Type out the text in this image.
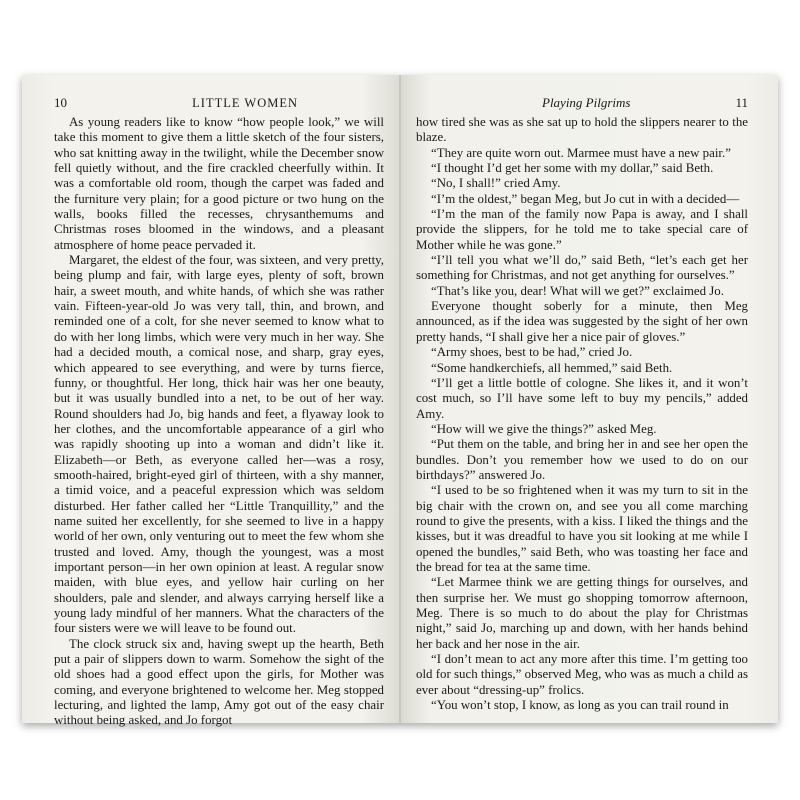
10	LITTLE WOMEN

As young readers like to know “how people look,” we will take this moment to give them a little sketch of the four sisters, who sat knitting away in the twilight, while the December snow fell quietly without, and the fire crackled cheerfully within. It was a comfortable old room, though the carpet was faded and the furniture very plain; for a good picture or two hung on the walls, books filled the recesses, chrysanthemums and Christmas roses bloomed in the windows, and a pleasant atmosphere of home peace pervaded it.

Margaret, the eldest of the four, was sixteen, and very pretty, being plump and fair, with large eyes, plenty of soft, brown hair, a sweet mouth, and white hands, of which she was rather vain. Fifteen-year-old Jo was very tall, thin, and brown, and reminded one of a colt, for she never seemed to know what to do with her long limbs, which were very much in her way. She had a decided mouth, a comical nose, and sharp, gray eyes, which appeared to see everything, and were by turns fierce, funny, or thoughtful. Her long, thick hair was her one beauty, but it was usually bundled into a net, to be out of her way. Round shoulders had Jo, big hands and feet, a flyaway look to her clothes, and the uncomfortable appearance of a girl who was rapidly shooting up into a woman and didn’t like it. Elizabeth—or Beth, as everyone called her—was a rosy, smooth-haired, bright-eyed girl of thirteen, with a shy manner, a timid voice, and a peaceful expression which was seldom disturbed. Her father called her “Little Tranquillity,” and the name suited her excellently, for she seemed to live in a happy world of her own, only venturing out to meet the few whom she trusted and loved. Amy, though the youngest, was a most important person—in her own opinion at least. A regular snow maiden, with blue eyes, and yellow hair curling on her shoulders, pale and slender, and always carrying herself like a young lady mindful of her manners. What the characters of the four sisters were we will leave to be found out.

The clock struck six and, having swept up the hearth, Beth put a pair of slippers down to warm. Somehow the sight of the old shoes had a good effect upon the girls, for Mother was coming, and everyone brightened to welcome her. Meg stopped lecturing, and lighted the lamp, Amy got out of the easy chair without being asked, and Jo forgot

Playing Pilgrims	11

how tired she was as she sat up to hold the slippers nearer to the blaze.

“They are quite worn out. Marmee must have a new pair.”

“I thought I’d get her some with my dollar,” said Beth.

“No, I shall!” cried Amy.

“I’m the oldest,” began Meg, but Jo cut in with a decided—

“I’m the man of the family now Papa is away, and I shall provide the slippers, for he told me to take special care of Mother while he was gone.”

“I’ll tell you what we’ll do,” said Beth, “let’s each get her something for Christmas, and not get anything for ourselves.”

“That’s like you, dear! What will we get?” exclaimed Jo.

Everyone thought soberly for a minute, then Meg announced, as if the idea was suggested by the sight of her own pretty hands, “I shall give her a nice pair of gloves.”

“Army shoes, best to be had,” cried Jo.

“Some handkerchiefs, all hemmed,” said Beth.

“I’ll get a little bottle of cologne. She likes it, and it won’t cost much, so I’ll have some left to buy my pencils,” added Amy.

“How will we give the things?” asked Meg.

“Put them on the table, and bring her in and see her open the bundles. Don’t you remember how we used to do on our birthdays?” answered Jo.

“I used to be so frightened when it was my turn to sit in the big chair with the crown on, and see you all come marching round to give the presents, with a kiss. I liked the things and the kisses, but it was dreadful to have you sit looking at me while I opened the bundles,” said Beth, who was toasting her face and the bread for tea at the same time.

“Let Marmee think we are getting things for ourselves, and then surprise her. We must go shopping tomorrow afternoon, Meg. There is so much to do about the play for Christmas night,” said Jo, marching up and down, with her hands behind her back and her nose in the air.

“I don’t mean to act any more after this time. I’m getting too old for such things,” observed Meg, who was as much a child as ever about “dressing-up” frolics.

“You won’t stop, I know, as long as you can trail round in
